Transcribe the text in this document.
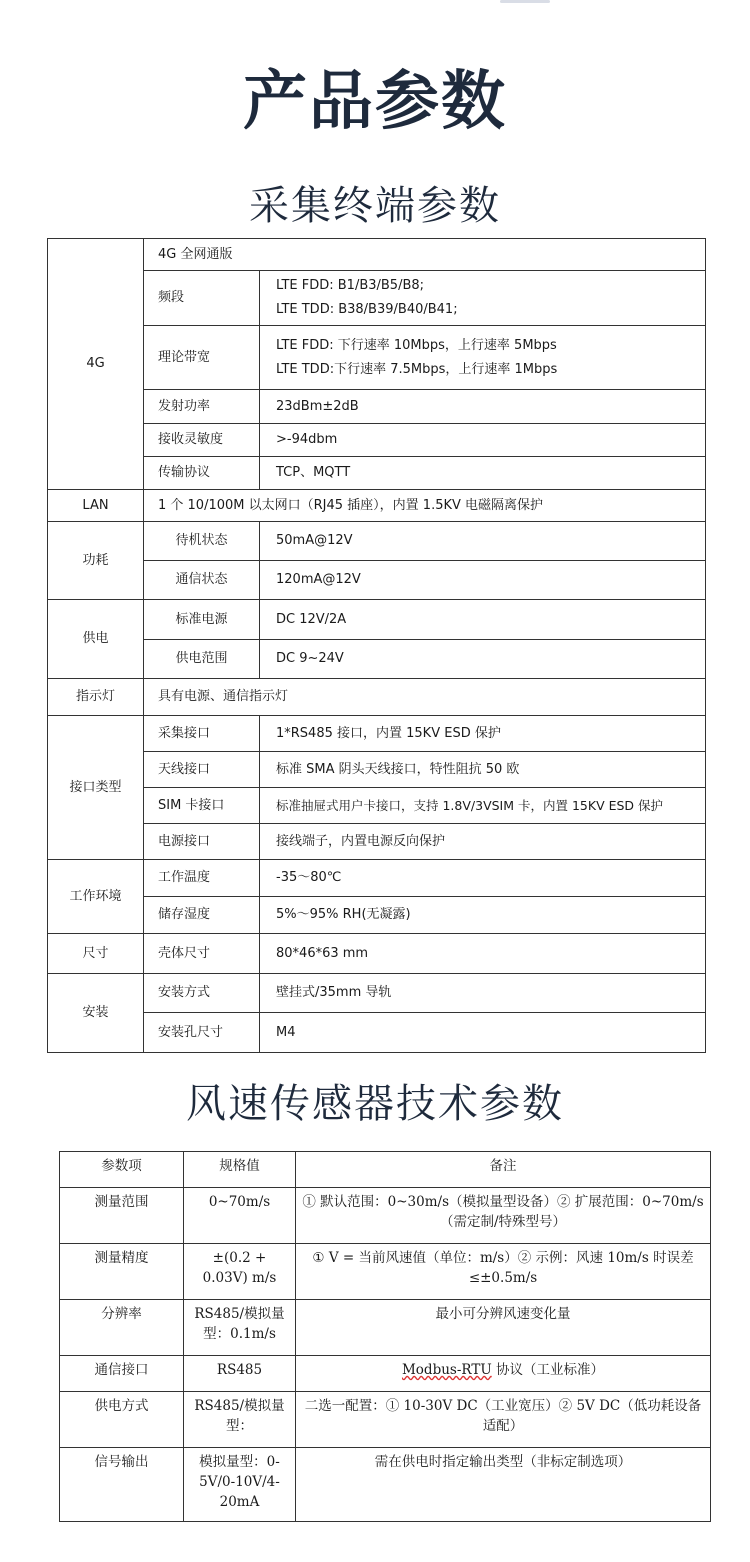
产品参数
采集终端参数
4G	4G 全网通版	
	频段	LTE FDD: B1/B3/B5/B8;
LTE TDD: B38/B39/B40/B41;

	理论带宽	LTE FDD: 下行速率 10Mbps，上行速率 5Mbps
LTE TDD:下行速率 7.5Mbps，上行速率 1Mbps

	发射功率	23dBm±2dB
	接收灵敏度	>-94dbm
	传输协议	TCP、MQTT
LAN	1 个 10/100M 以太网口（RJ45 插座），内置 1.5KV 电磁隔离保护	
功耗	待机状态	50mA@12V
	通信状态	120mA@12V
供电	标准电源	DC 12V/2A
	供电范围	DC 9~24V
指示灯	具有电源、通信指示灯	
接口类型	采集接口	1*RS485 接口，内置 15KV ESD 保护
	天线接口	标准 SMA 阴头天线接口，特性阻抗 50 欧
	SIM 卡接口	标准抽屉式用户卡接口，支持 1.8V/3VSIM 卡，内置 15KV ESD 保护
	电源接口	接线端子，内置电源反向保护
工作环境	工作温度	-35～80℃
	储存湿度	5%～95% RH(无凝露)
尺寸	壳体尺寸	80*46*63 mm
安装	安装方式	壁挂式/35mm 导轨
	安装孔尺寸	M4
风速传感器技术参数
参数项	规格值	备注
测量范围	0~70m/s	① 默认范围：0~30m/s（模拟量型设备）② 扩展范围：0~70m/s（需定制/特殊型号）
测量精度	±(0.2 + 0.03V) m/s	① V = 当前风速值（单位：m/s）② 示例：风速 10m/s 时误差≤±0.5m/s
分辨率	RS485/模拟量型：0.1m/s	最小可分辨风速变化量
通信接口	RS485	Modbus-RTU 协议（工业标准）
供电方式	RS485/模拟量型：	二选一配置：① 10-30V DC（工业宽压）② 5V DC（低功耗设备适配）
信号输出	模拟量型：0-5V/0-10V/4-20mA	需在供电时指定输出类型（非标定制选项）
